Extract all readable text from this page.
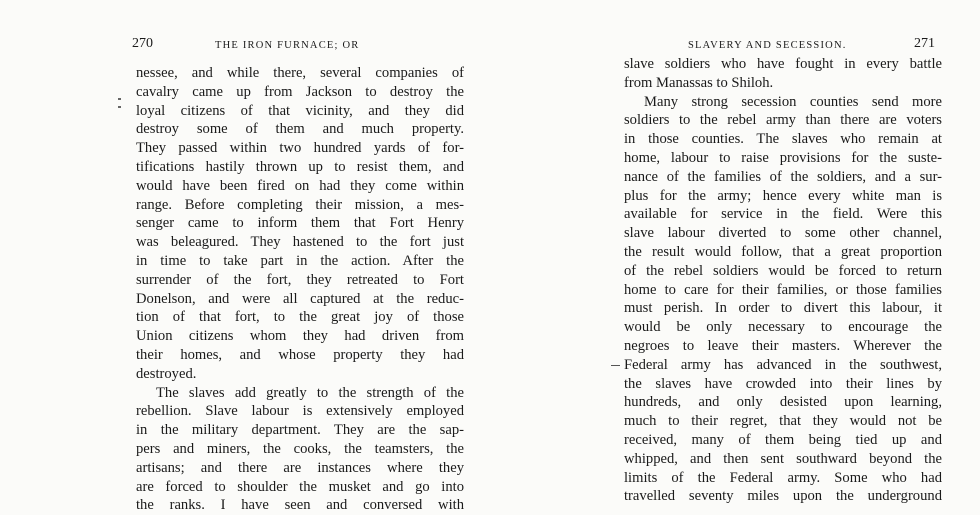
270	THE IRON FURNACE; OR
nessee, and while there, several companies of
cavalry came up from Jackson to destroy the
loyal citizens of that vicinity, and they did
destroy some of them and much property.
They passed within two hundred yards of for-
tifications hastily thrown up to resist them, and
would have been fired on had they come within
range. Before completing their mission, a mes-
senger came to inform them that Fort Henry
was beleagured. They hastened to the fort just
in time to take part in the action. After the
surrender of the fort, they retreated to Fort
Donelson, and were all captured at the reduc-
tion of that fort, to the great joy of those
Union citizens whom they had driven from
their homes, and whose property they had
destroyed.
The slaves add greatly to the strength of the
rebellion. Slave labour is extensively employed
in the military department. They are the sap-
pers and miners, the cooks, the teamsters, the
artisans; and there are instances where they
are forced to shoulder the musket and go into
the ranks. I have seen and conversed with
SLAVERY AND SECESSION.	271
slave soldiers who have fought in every battle
from Manassas to Shiloh.
Many strong secession counties send more
soldiers to the rebel army than there are voters
in those counties. The slaves who remain at
home, labour to raise provisions for the suste-
nance of the families of the soldiers, and a sur-
plus for the army; hence every white man is
available for service in the field. Were this
slave labour diverted to some other channel,
the result would follow, that a great proportion
of the rebel soldiers would be forced to return
home to care for their families, or those families
must perish. In order to divert this labour, it
would be only necessary to encourage the
negroes to leave their masters. Wherever the
Federal army has advanced in the southwest,
the slaves have crowded into their lines by
hundreds, and only desisted upon learning,
much to their regret, that they would not be
received, many of them being tied up and
whipped, and then sent southward beyond the
limits of the Federal army. Some who had
travelled seventy miles upon the underground
